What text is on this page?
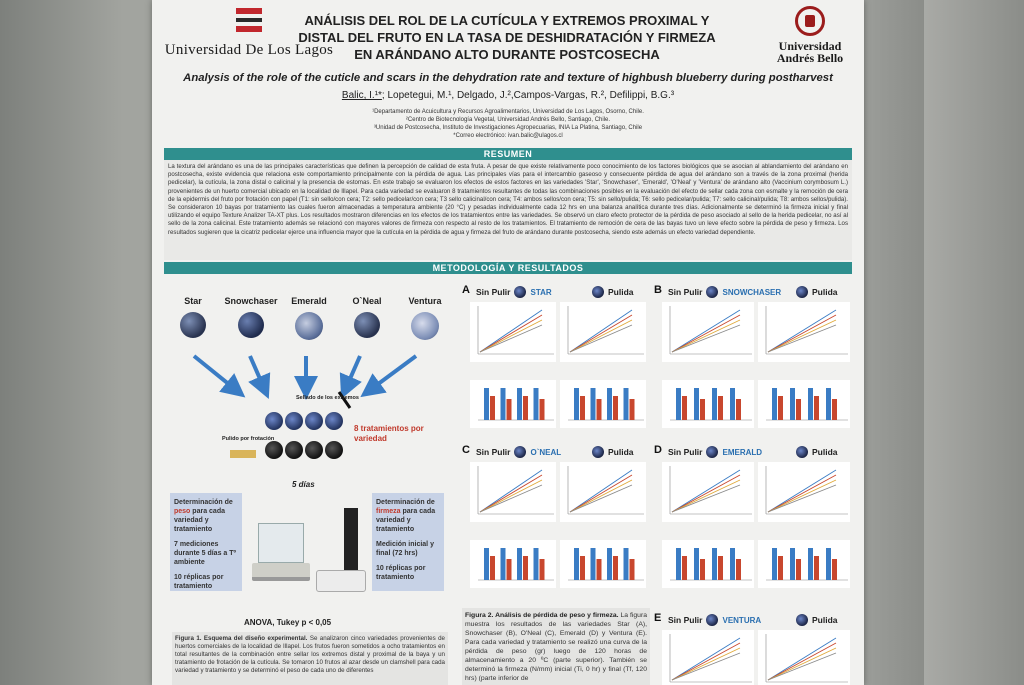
Universidad De Los Lagos
ANÁLISIS DEL ROL DE LA CUTÍCULA Y EXTREMOS PROXIMAL Y DISTAL DEL FRUTO EN LA TASA DE DESHIDRATACIÓN Y FIRMEZA EN ARÁNDANO ALTO DURANTE POSTCOSECHA
Universidad
Andrés Bello
Analysis of the role of the cuticle and scars in the dehydration rate and texture of highbush blueberry during postharvest
Balic, I.¹*; Lopetegui, M.¹, Delgado, J.²,Campos-Vargas, R.², Defilippi, B.G.³
¹Departamento de Acuicultura y Recursos Agroalimentarios, Universidad de Los Lagos, Osorno, Chile.
²Centro de Biotecnología Vegetal, Universidad Andrés Bello, Santiago, Chile.
³Unidad de Postcosecha, Instituto de Investigaciones Agropecuarias, INIA La Platina, Santiago, Chile
*Correo electrónico: ivan.balic@ulagos.cl
RESUMEN
La textura del arándano es una de las principales características que definen la percepción de calidad de esta fruta. A pesar de que existe relativamente poco conocimiento de los factores biológicos que se asocian al ablandamiento del arándano en postcosecha, existe evidencia que relaciona este comportamiento principalmente con la pérdida de agua. Las principales vías para el intercambio gaseoso y consecuente pérdida de agua del arándano son a través de la zona proximal (herida pedicelar), la cutícula, la zona distal o calicinal y la presencia de estomas. En este trabajo se evaluaron los efectos de estos factores en las variedades 'Star', 'Snowchaser', 'Emerald', 'O'Neal' y 'Ventura' de arándano alto (Vaccinium corymbosum L.) provenientes de un huerto comercial ubicado en la localidad de Illapel. Para cada variedad se evaluaron 8 tratamientos resultantes de todas las combinaciones posibles en la evaluación del efecto de sellar cada zona con esmalte y la remoción de cera de la epidermis del fruto por frotación con papel (T1: sin sello/con cera; T2: sello pedicelar/con cera; T3 sello calicinal/con cera; T4: ambos sellos/con cera; T5: sin sello/pulida; T6: sello pedicelar/pulida; T7: sello calicinal/pulida; T8: ambos sellos/pulida). Se consideraron 10 bayas por tratamiento las cuales fueron almacenadas a temperatura ambiente (20 °C) y pesadas individualmente cada 12 hrs en una balanza analítica durante tres días. Adicionalmente se determinó la firmeza inicial y final utilizando el equipo Texture Analizer TA-XT plus. Los resultados mostraron diferencias en los efectos de los tratamientos entre las variedades. Se observó un claro efecto protector de la pérdida de peso asociado al sello de la herida pedicelar, no así al sello de la zona calicinal. Este tratamiento además se relacionó con mayores valores de firmeza con respecto al resto de los tratamientos. El tratamiento de remoción de cera de las bayas tuvo un leve efecto sobre la pérdida de peso y firmeza. Los resultados sugieren que la cicatriz pedicelar ejerce una influencia mayor que la cutícula en la pérdida de agua y firmeza del fruto de arándano durante postcosecha, siendo este además un efecto variedad dependiente.
METODOLOGÍA Y RESULTADOS
Star	Snowchaser	Emerald	O`Neal	Ventura
Sellado de los extremos
Pulido por frotación
8 tratamientos por variedad
5 días

Determinación de peso para cada variedad y tratamiento

7 mediciones durante 5 días a Tº ambiente

10 réplicas por tratamiento

Determinación de firmeza para cada variedad y tratamiento

Medición inicial y final (72 hrs)

10 réplicas por tratamiento

ANOVA, Tukey p < 0,05
Figura 1. Esquema del diseño experimental. Se analizaron cinco variedades provenientes de huertos comerciales de la localidad de Illapel. Los frutos fueron sometidos a ocho tratamientos en total resultantes de la combinación entre sellar los extremos distal y proximal de la baya y un tratamiento de frotación de la cutícula. Se tomaron 10 frutos al azar desde un clamshell para cada variedad y tratamiento y se determinó el peso de cada uno de diferentes
A Sin Pulir	STAR	Pulida B Sin Pulir	SNOWCHASER	Pulida
C Sin Pulir	O`NEAL	Pulida D Sin Pulir	EMERALD	Pulida
E Sin Pulir	VENTURA	Pulida
Figura 2. Análisis de pérdida de peso y firmeza. La figura muestra los resultados de las variedades Star (A), Snowchaser (B), O'Neal (C), Emerald (D) y Ventura (E). Para cada variedad y tratamiento se realizó una curva de la pérdida de peso (gr) luego de 120 horas de almacenamiento a 20 ºC (parte superior). También se determinó la firmeza (N/mm) inicial (Ti, 0 hr) y final (Tf, 120 hrs) (parte inferior de
